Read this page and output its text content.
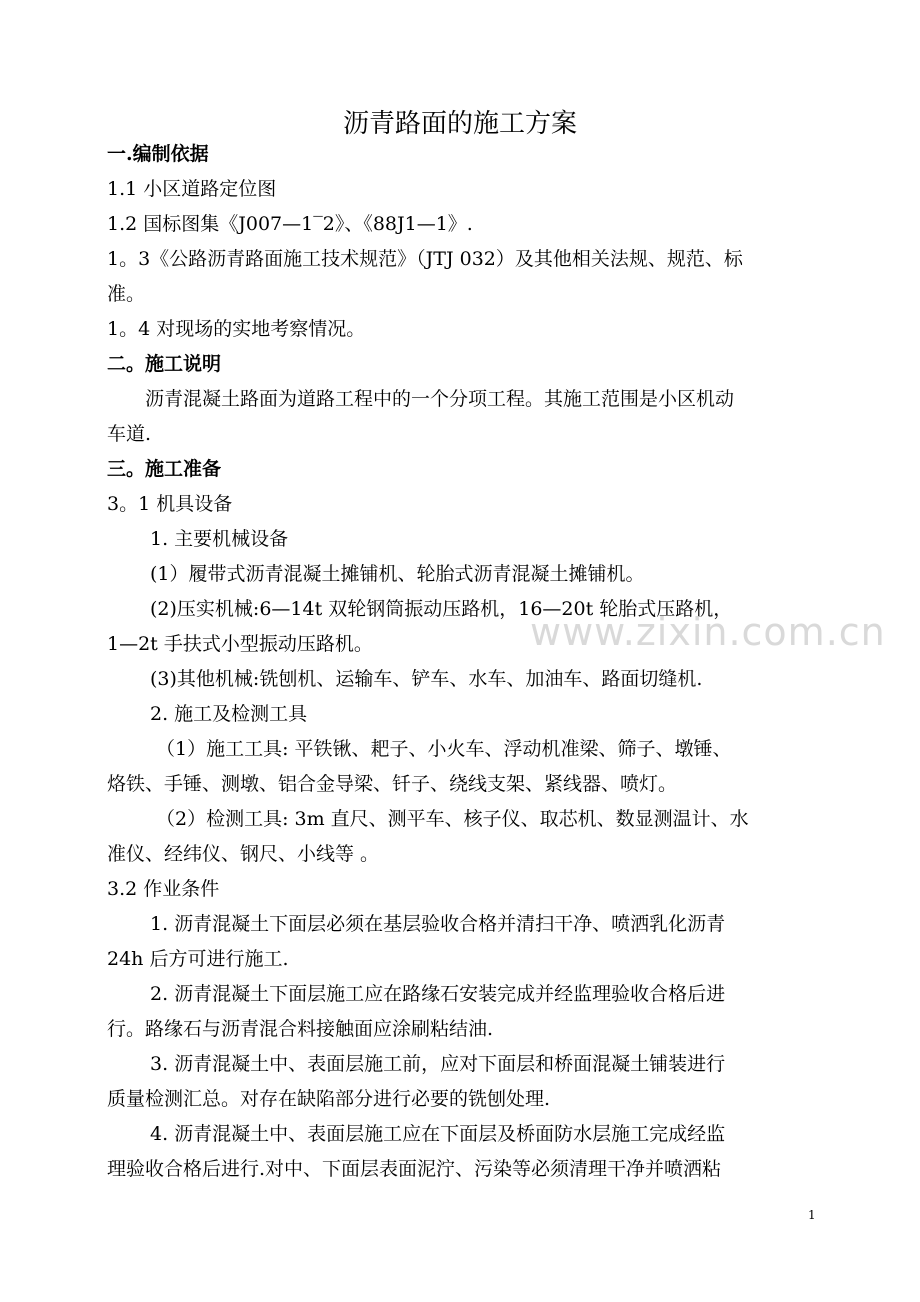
沥青路面的施工方案
一.编制依据
1.1 小区道路定位图
1.2 国标图集《J007—1‾2》、《88J1—1》.
1。3《公路沥青路面施工技术规范》（JTJ 032）及其他相关法规、规范、标
准。
1。4 对现场的实地考察情况。
二。施工说明
沥青混凝土路面为道路工程中的一个分项工程。其施工范围是小区机动
车道.
三。施工准备
3。1 机具设备
1. 主要机械设备
(1）履带式沥青混凝土摊铺机、轮胎式沥青混凝土摊铺机。
(2)压实机械:6—14t 双轮钢筒振动压路机，16—20t 轮胎式压路机，
1—2t 手扶式小型振动压路机。
(3)其他机械:铣刨机、运输车、铲车、水车、加油车、路面切缝机.
2. 施工及检测工具
（1）施工工具: 平铁锹、耙子、小火车、浮动机准梁、筛子、墩锤、
烙铁、手锤、测墩、铝合金导梁、钎子、绕线支架、紧线器、喷灯。
（2）检测工具: 3m 直尺、测平车、核子仪、取芯机、数显测温计、水
准仪、经纬仪、钢尺、小线等 。
3.2 作业条件
1. 沥青混凝土下面层必须在基层验收合格并清扫干净、喷洒乳化沥青
24h 后方可进行施工.
2. 沥青混凝土下面层施工应在路缘石安装完成并经监理验收合格后进
行。路缘石与沥青混合料接触面应涂刷粘结油.
3. 沥青混凝土中、表面层施工前，应对下面层和桥面混凝土铺装进行
质量检测汇总。对存在缺陷部分进行必要的铣刨处理.
4. 沥青混凝土中、表面层施工应在下面层及桥面防水层施工完成经监
理验收合格后进行.对中、下面层表面泥泞、污染等必须清理干净并喷洒粘
www.zixin.com.cn
1
